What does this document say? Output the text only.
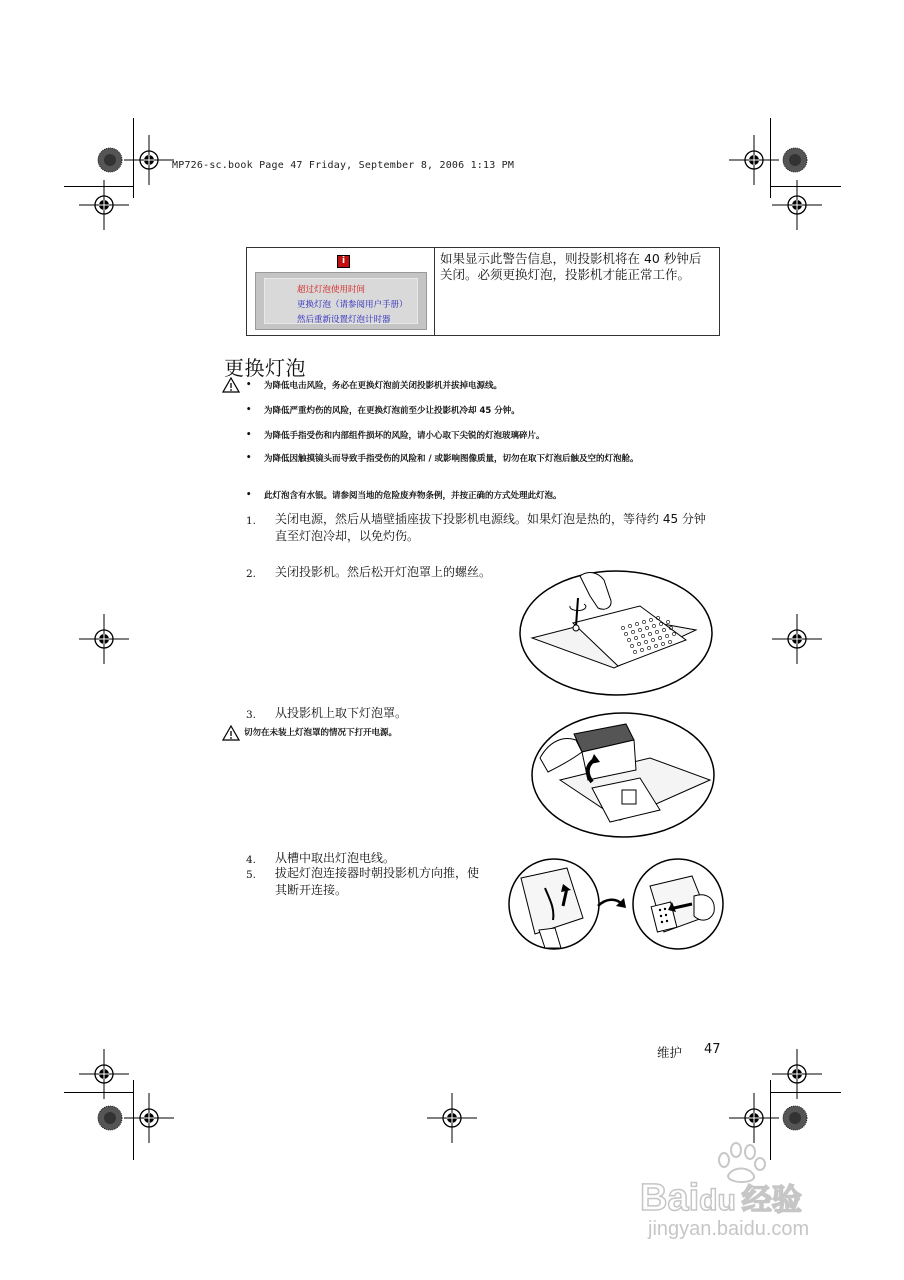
MP726-sc.book Page 47 Friday, September 8, 2006 1:13 PM
i
超过灯泡使用时间
更换灯泡（请参阅用户手册）
然后重新设置灯泡计时器
如果显示此警告信息，则投影机将在 40 秒钟后关闭。必须更换灯泡，投影机才能正常工作。
更换灯泡
• 为降低电击风险，务必在更换灯泡前关闭投影机并拔掉电源线。
• 为降低严重灼伤的风险，在更换灯泡前至少让投影机冷却 45 分钟。
• 为降低手指受伤和内部组件损坏的风险，请小心取下尖锐的灯泡玻璃碎片。
• 为降低因触摸镜头而导致手指受伤的风险和 / 或影响图像质量，切勿在取下灯泡后触及空的灯泡舱。
• 此灯泡含有水银。请参阅当地的危险废弃物条例，并按正确的方式处理此灯泡。
1. 关闭电源，然后从墙壁插座拔下投影机电源线。如果灯泡是热的，等待约 45 分钟直至灯泡冷却，以免灼伤。
2. 关闭投影机。然后松开灯泡罩上的螺丝。
3. 从投影机上取下灯泡罩。
4. 从槽中取出灯泡电线。
5. 拔起灯泡连接器时朝投影机方向推，使其断开连接。
切勿在未装上灯泡罩的情况下打开电源。
维护 47
Baidu 经验
jingyan.baidu.com
